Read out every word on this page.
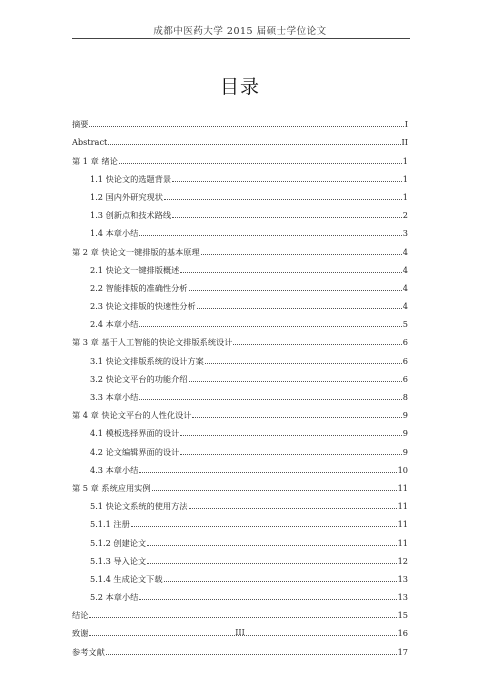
成都中医药大学 2015 届硕士学位论文
目录
摘要	I
Abstract	II
第 1 章 绪论	1
1.1 快论文的选题背景	1
1.2 国内外研究现状	1
1.3 创新点和技术路线	2
1.4 本章小结	3
第 2 章 快论文一键排版的基本原理	4
2.1 快论文一键排版概述	4
2.2 智能排版的准确性分析	4
2.3 快论文排版的快速性分析	4
2.4 本章小结	5
第 3 章 基于人工智能的快论文排版系统设计	6
3.1 快论文排版系统的设计方案	6
3.2 快论文平台的功能介绍	6
3.3 本章小结	8
第 4 章 快论文平台的人性化设计	9
4.1 模板选择界面的设计	9
4.2 论文编辑界面的设计	9
4.3 本章小结	10
第 5 章 系统应用实例	11
5.1 快论文系统的使用方法	11
5.1.1 注册	11
5.1.2 创建论文	11
5.1.3 导入论文	12
5.1.4 生成论文下载	13
5.2 本章小结	13
结论	15
致谢	16
参考文献	17
III
